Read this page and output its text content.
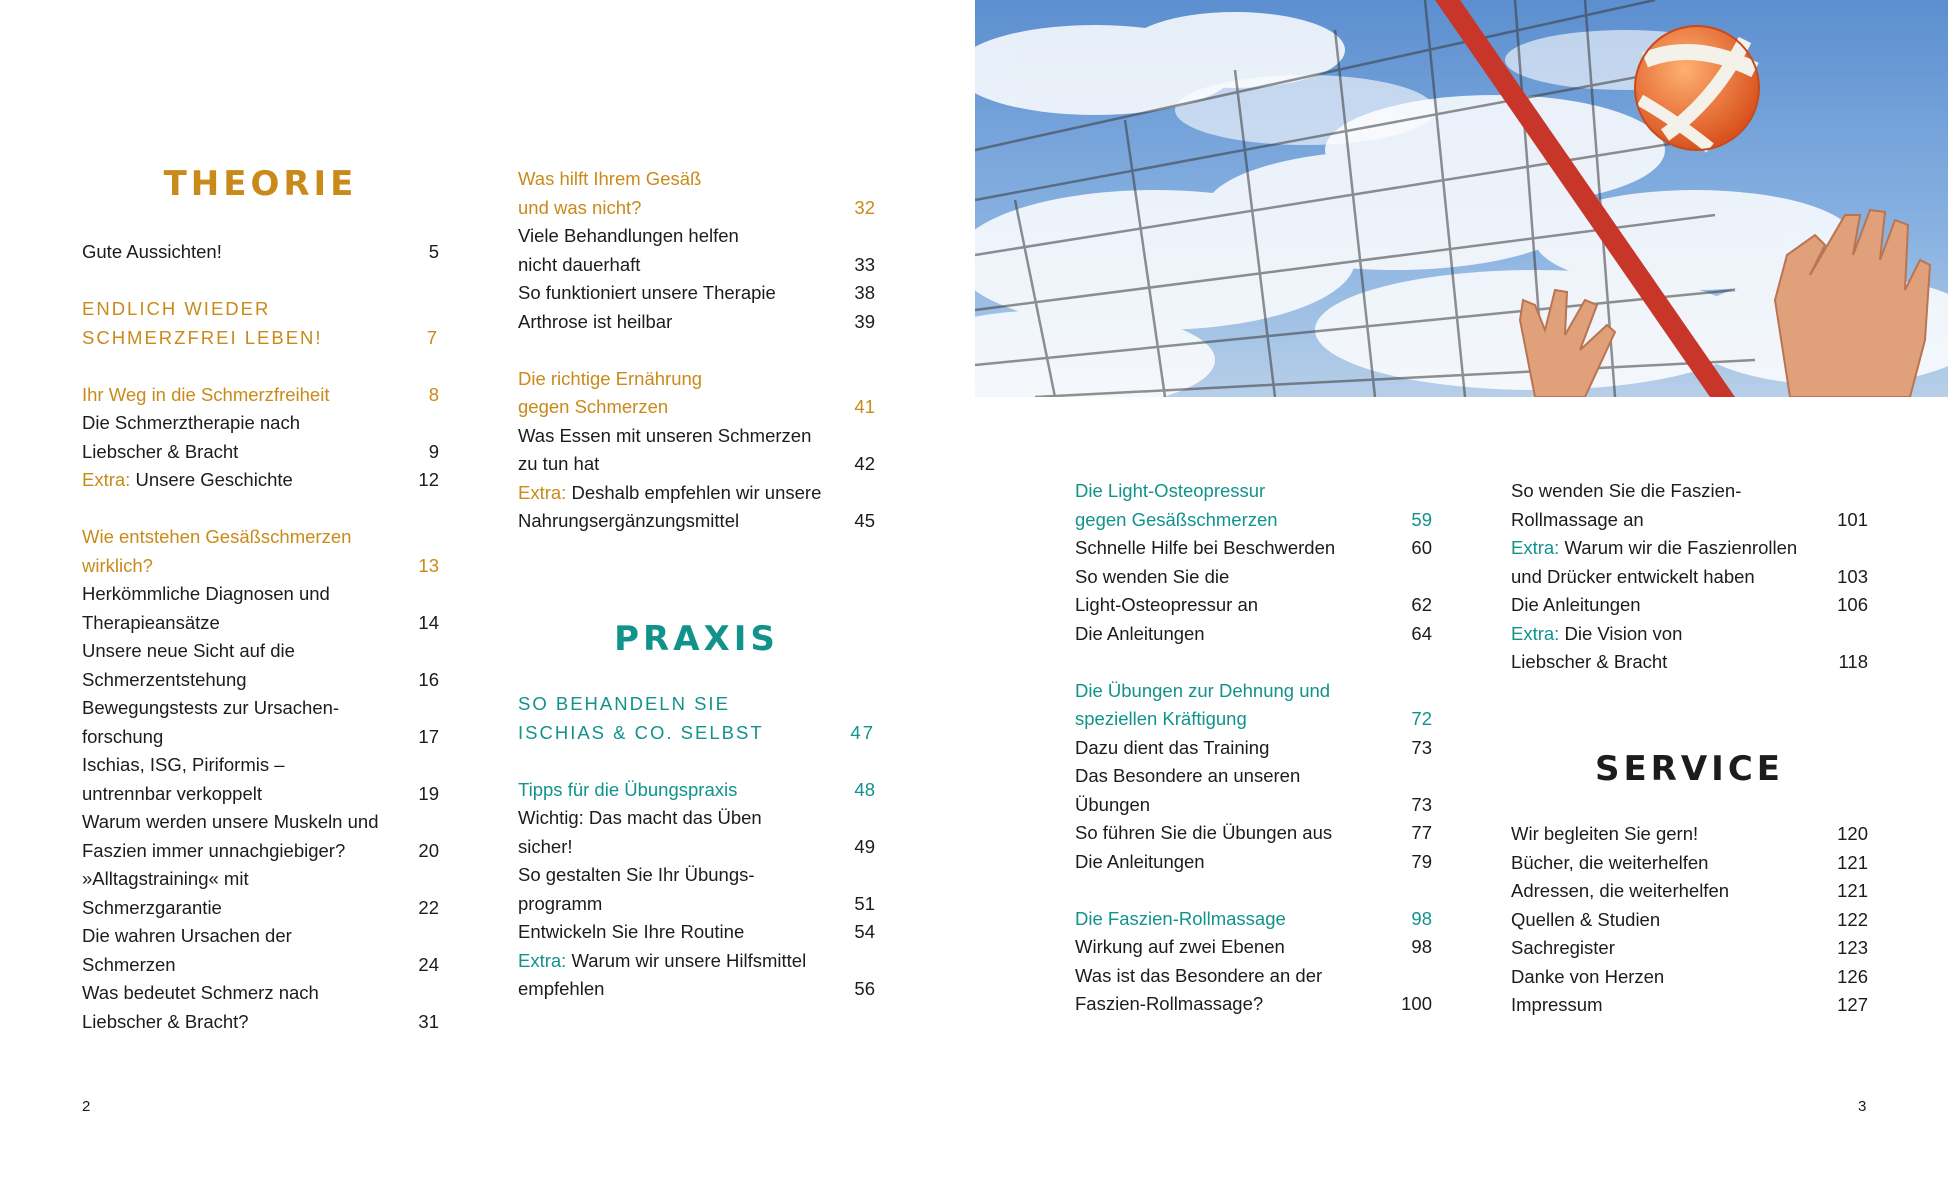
THEORIE
Gute Aussichten!	5
ENDLICH WIEDER
SCHMERZFREI LEBEN!	7
Ihr Weg in die Schmerzfreiheit	8
Die Schmerztherapie nach
Liebscher & Bracht	9
Extra: Unsere Geschichte	12
Wie entstehen Gesäßschmerzen
wirklich?	13
Herkömmliche Diagnosen und
Therapieansätze	14
Unsere neue Sicht auf die
Schmerzentstehung	16
Bewegungstests zur Ursachen-
forschung	17
Ischias, ISG, Piriformis –
untrennbar verkoppelt	19
Warum werden unsere Muskeln und
Faszien immer unnachgiebiger?	20
»Alltagstraining« mit
Schmerzgarantie	22
Die wahren Ursachen der Schmerzen	24
Was bedeutet Schmerz nach
Liebscher & Bracht?	31
Was hilft Ihrem Gesäß
und was nicht?	32
Viele Behandlungen helfen
nicht dauerhaft	33
So funktioniert unsere Therapie	38
Arthrose ist heilbar	39
Die richtige Ernährung
gegen Schmerzen	41
Was Essen mit unseren Schmerzen
zu tun hat	42
Extra: Deshalb empfehlen wir unsere
Nahrungsergänzungsmittel	45
PRAXIS
SO BEHANDELN SIE
ISCHIAS & CO. SELBST	47
Tipps für die Übungspraxis	48
Wichtig: Das macht das Üben
sicher!	49
So gestalten Sie Ihr Übungs-
programm	51
Entwickeln Sie Ihre Routine	54
Extra: Warum wir unsere Hilfsmittel
empfehlen	56
2
Die Light-Osteopressur
gegen Gesäßschmerzen	59
Schnelle Hilfe bei Beschwerden	60
So wenden Sie die
Light-Osteopressur an	62
Die Anleitungen	64
Die Übungen zur Dehnung und
speziellen Kräftigung	72
Dazu dient das Training	73
Das Besondere an unseren
Übungen	73
So führen Sie die Übungen aus	77
Die Anleitungen	79
Die Faszien-Rollmassage	98
Wirkung auf zwei Ebenen	98
Was ist das Besondere an der
Faszien-Rollmassage?	100
So wenden Sie die Faszien-
Rollmassage an	101
Extra: Warum wir die Faszienrollen
und Drücker entwickelt haben	103
Die Anleitungen	106
Extra: Die Vision von
Liebscher & Bracht	118
SERVICE
Wir begleiten Sie gern!	120
Bücher, die weiterhelfen	121
Adressen, die weiterhelfen	121
Quellen & Studien	122
Sachregister	123
Danke von Herzen	126
Impressum	127
3
